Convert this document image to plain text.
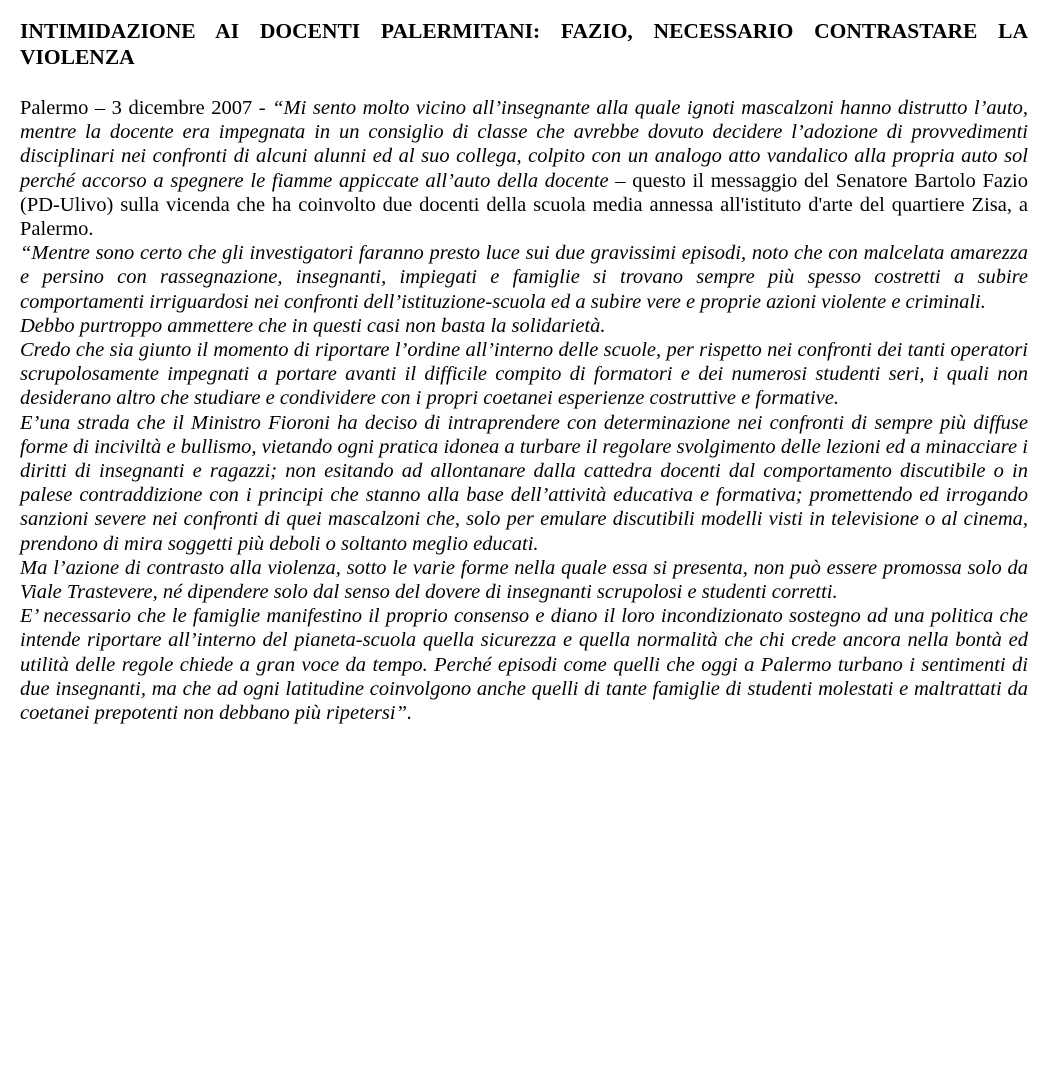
INTIMIDAZIONE AI DOCENTI PALERMITANI: FAZIO, NECESSARIO CONTRASTARE LA VIOLENZA

Palermo – 3 dicembre 2007 - “Mi sento molto vicino all’insegnante alla quale ignoti mascalzoni hanno distrutto l’auto, mentre la docente era impegnata in un consiglio di classe che avrebbe dovuto decidere l’adozione di provvedimenti disciplinari nei confronti di alcuni alunni ed al suo collega, colpito con un analogo atto vandalico alla propria auto sol perché accorso a spegnere le fiamme appiccate all’auto della docente – questo il messaggio del Senatore Bartolo Fazio (PD-Ulivo) sulla vicenda che ha coinvolto due docenti della scuola media annessa all'istituto d'arte del quartiere Zisa, a Palermo.

“Mentre sono certo che gli investigatori faranno presto luce sui due gravissimi episodi, noto che con malcelata amarezza e persino con rassegnazione, insegnanti, impiegati e famiglie si trovano sempre più spesso costretti a subire comportamenti irriguardosi nei confronti dell’istituzione-scuola ed a subire vere e proprie azioni violente e criminali.

Debbo purtroppo ammettere che in questi casi non basta la solidarietà.

Credo che sia giunto il momento di riportare l’ordine all’interno delle scuole, per rispetto nei confronti dei tanti operatori scrupolosamente impegnati a portare avanti il difficile compito di formatori e dei numerosi studenti seri, i quali non desiderano altro che studiare e condividere con i propri coetanei esperienze costruttive e formative.

E’una strada che il Ministro Fioroni ha deciso di intraprendere con determinazione nei confronti di sempre più diffuse forme di inciviltà e bullismo, vietando ogni pratica idonea a turbare il regolare svolgimento delle lezioni ed a minacciare i diritti di insegnanti e ragazzi; non esitando ad allontanare dalla cattedra docenti dal comportamento discutibile o in palese contraddizione con i principi che stanno alla base dell’attività educativa e formativa; promettendo ed irrogando sanzioni severe nei confronti di quei mascalzoni che, solo per emulare discutibili modelli visti in televisione o al cinema, prendono di mira soggetti più deboli o soltanto meglio educati.

Ma l’azione di contrasto alla violenza, sotto le varie forme nella quale essa si presenta, non può essere promossa solo da Viale Trastevere, né dipendere solo dal senso del dovere di insegnanti scrupolosi e studenti corretti.

E’ necessario che le famiglie manifestino il proprio consenso e diano il loro incondizionato sostegno ad una politica che intende riportare all’interno del pianeta-scuola quella sicurezza e quella normalità che chi crede ancora nella bontà ed utilità delle regole chiede a gran voce da tempo. Perché episodi come quelli che oggi a Palermo turbano i sentimenti di due insegnanti, ma che ad ogni latitudine coinvolgono anche quelli di tante famiglie di studenti molestati e maltrattati da coetanei prepotenti non debbano più ripetersi”.
